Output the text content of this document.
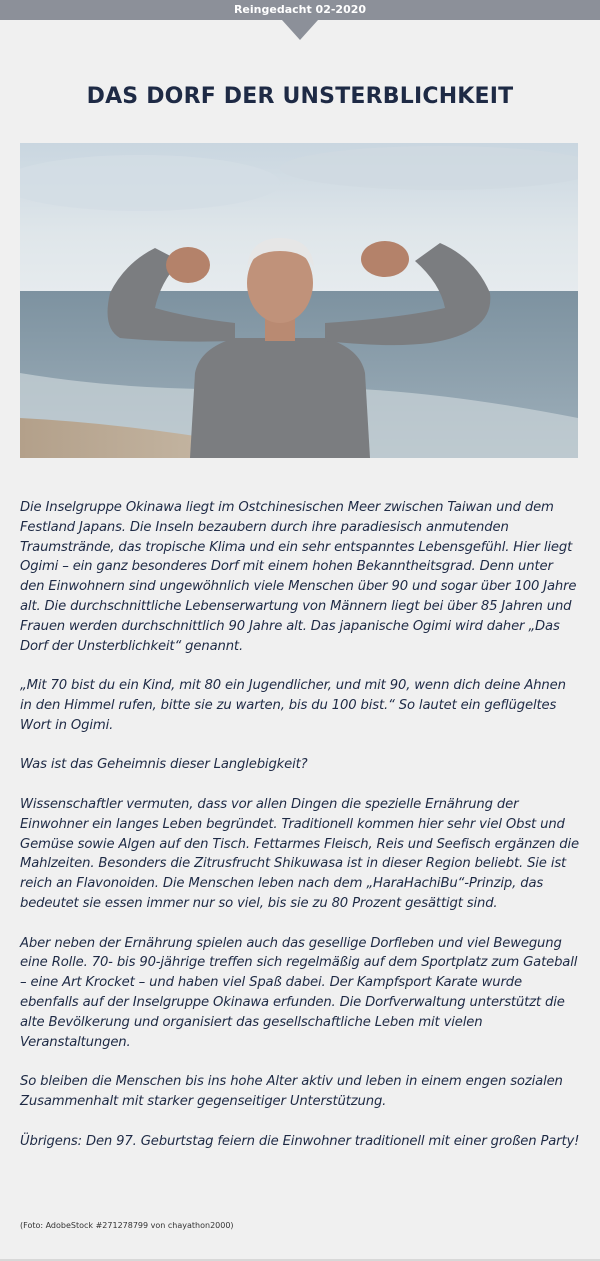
Reingedacht 02-2020
DAS DORF DER UNSTERBLICHKEIT

Die Inselgruppe Okinawa liegt im Ostchinesischen Meer zwischen Taiwan und dem Festland Japans. Die Inseln bezaubern durch ihre paradiesisch anmutenden Traumstrände, das tropische Klima und ein sehr entspanntes Lebensgefühl. Hier liegt Ogimi – ein ganz besonderes Dorf mit einem hohen Bekanntheitsgrad. Denn unter den Einwohnern sind ungewöhnlich viele Menschen über 90 und sogar über 100 Jahre alt. Die durchschnittliche Lebenserwartung von Männern liegt bei über 85 Jahren und Frauen werden durchschnittlich 90 Jahre alt. Das japanische Ogimi wird daher „Das Dorf der Unsterblichkeit“ genannt.

„Mit 70 bist du ein Kind, mit 80 ein Jugendlicher, und mit 90, wenn dich deine Ahnen in den Himmel rufen, bitte sie zu warten, bis du 100 bist.“ So lautet ein geflügeltes Wort in Ogimi.

Was ist das Geheimnis dieser Langlebigkeit?

Wissenschaftler vermuten, dass vor allen Dingen die spezielle Ernährung der Einwohner ein langes Leben begründet. Traditionell kommen hier sehr viel Obst und Gemüse sowie Algen auf den Tisch. Fettarmes Fleisch, Reis und Seefisch ergänzen die Mahlzeiten. Besonders die Zitrusfrucht Shikuwasa ist in dieser Region beliebt. Sie ist reich an Flavonoiden. Die Menschen leben nach dem „HaraHachiBu“-Prinzip, das bedeutet sie essen immer nur so viel, bis sie zu 80 Prozent gesättigt sind.

Aber neben der Ernährung spielen auch das gesellige Dorfleben und viel Bewegung eine Rolle. 70- bis 90-jährige treffen sich regelmäßig auf dem Sportplatz zum Gateball – eine Art Krocket – und haben viel Spaß dabei. Der Kampfsport Karate wurde ebenfalls auf der Inselgruppe Okinawa erfunden. Die Dorfverwaltung unterstützt die alte Bevölkerung und organisiert das gesellschaftliche Leben mit vielen Veranstaltungen.

So bleiben die Menschen bis ins hohe Alter aktiv und leben in einem engen sozialen Zusammenhalt mit starker gegenseitiger Unterstützung.

Übrigens: Den 97. Geburtstag feiern die Einwohner traditionell mit einer großen Party!

(Foto: AdobeStock #271278799 von chayathon2000)
